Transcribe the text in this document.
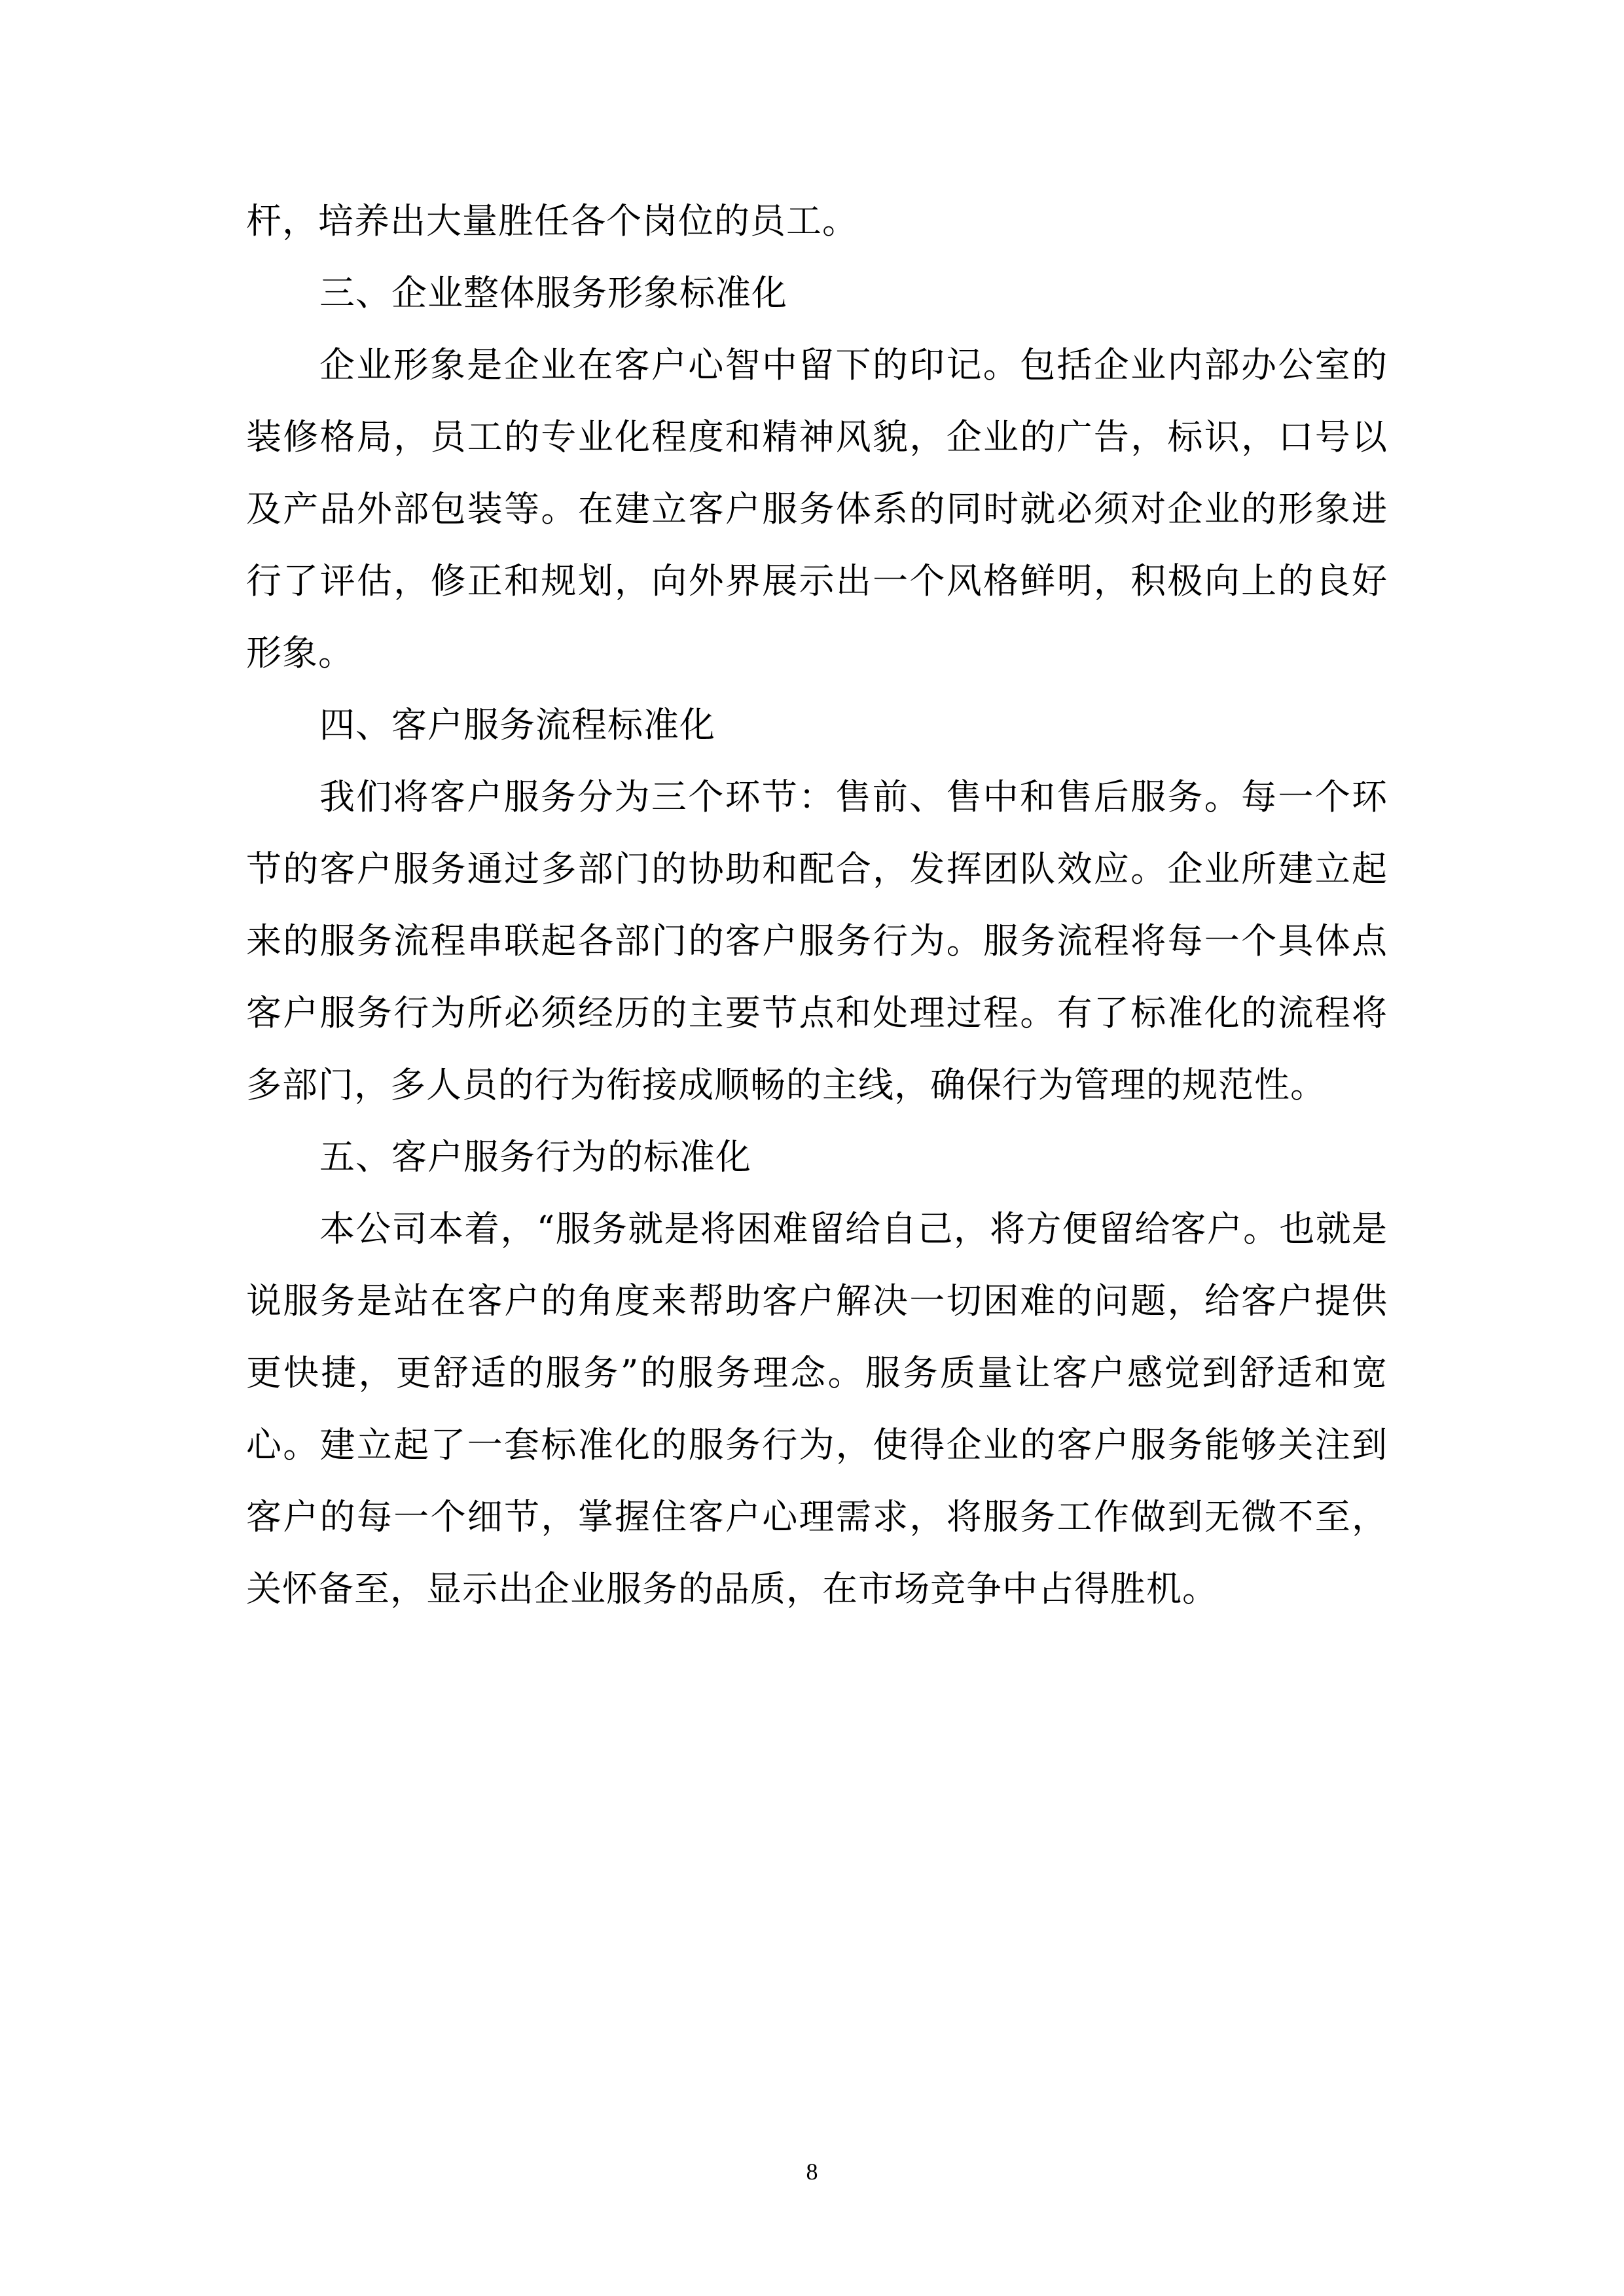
杆，培养出大量胜任各个岗位的员工。

三、企业整体服务形象标准化

企业形象是企业在客户心智中留下的印记。包括企业内部办公室的装修格局，员工的专业化程度和精神风貌，企业的广告，标识，口号以及产品外部包装等。在建立客户服务体系的同时就必须对企业的形象进行了评估，修正和规划，向外界展示出一个风格鲜明，积极向上的良好形象。

四、客户服务流程标准化

我们将客户服务分为三个环节：售前、售中和售后服务。每一个环节的客户服务通过多部门的协助和配合，发挥团队效应。企业所建立起来的服务流程串联起各部门的客户服务行为。服务流程将每一个具体点客户服务行为所必须经历的主要节点和处理过程。有了标准化的流程将多部门，多人员的行为衔接成顺畅的主线，确保行为管理的规范性。

五、客户服务行为的标准化

本公司本着，“服务就是将困难留给自己，将方便留给客户。也就是说服务是站在客户的角度来帮助客户解决一切困难的问题，给客户提供更快捷，更舒适的服务”的服务理念。服务质量让客户感觉到舒适和宽心。建立起了一套标准化的服务行为，使得企业的客户服务能够关注到客户的每一个细节，掌握住客户心理需求，将服务工作做到无微不至，关怀备至，显示出企业服务的品质，在市场竞争中占得胜机。

8
